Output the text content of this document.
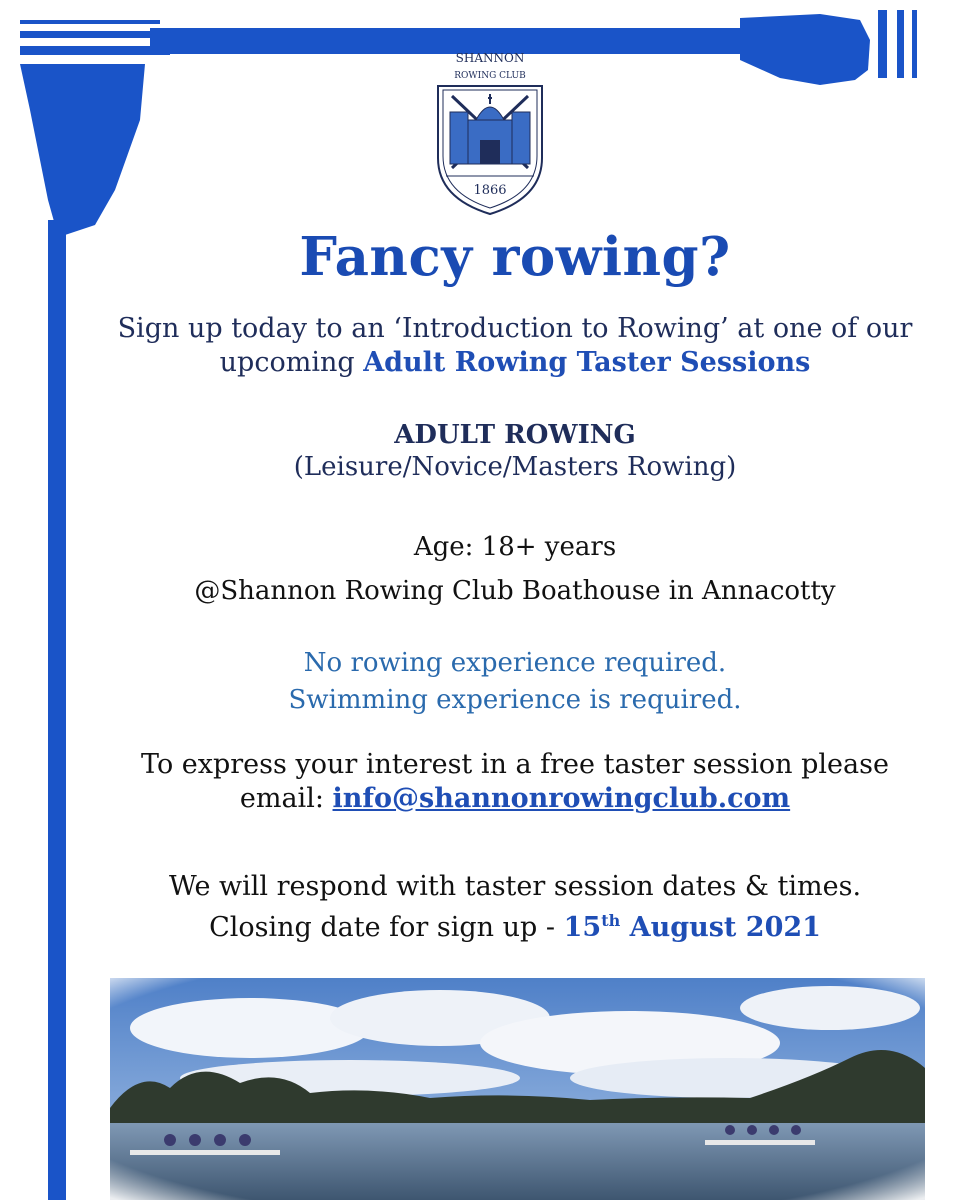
SHANNON
ROWING CLUB
1866
Fancy rowing?
Sign up today to an ‘Introduction to Rowing’ at one of our
upcoming Adult Rowing Taster Sessions
ADULT ROWING
(Leisure/Novice/Masters Rowing)
Age: 18+ years
@Shannon Rowing Club Boathouse in Annacotty
No rowing experience required.
Swimming experience is required.
To express your interest in a free taster session please
email: info@shannonrowingclub.com
We will respond with taster session dates & times.
Closing date for sign up - 15th August 2021
